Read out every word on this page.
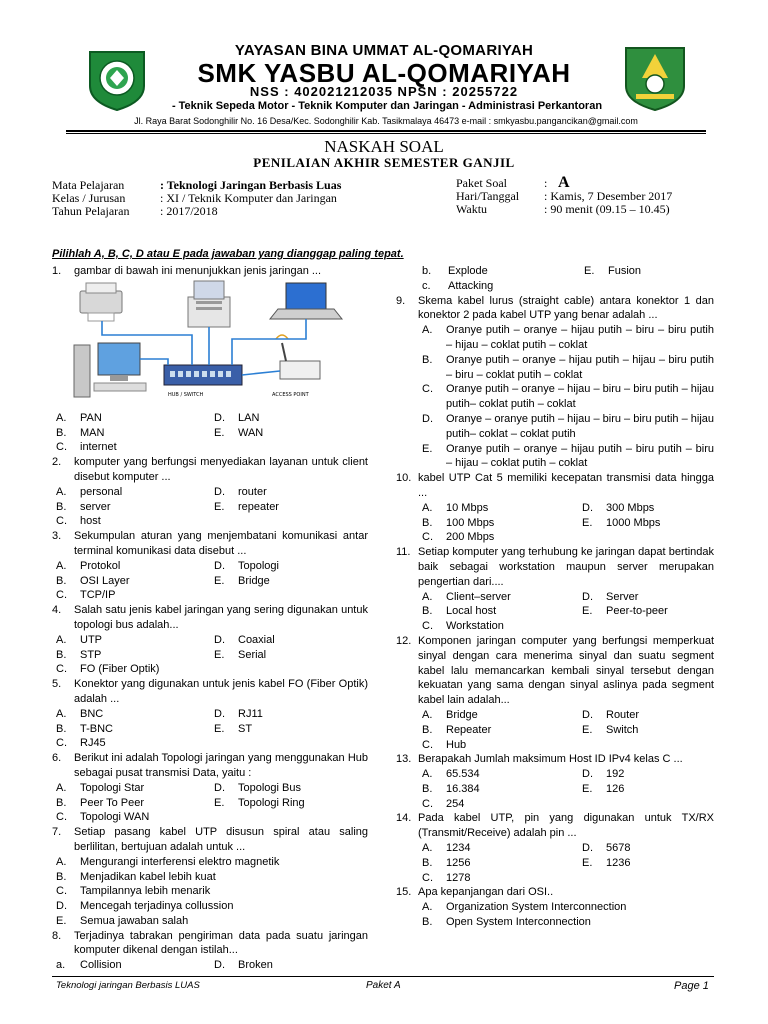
YAYASAN BINA UMMAT AL-QOMARIYAH
SMK YASBU AL-QOMARIYAH
NSS : 402021212035 NPSN : 20255722
- Teknik Sepeda Motor - Teknik Komputer dan Jaringan - Administrasi Perkantoran
Jl. Raya Barat Sodonghilir No. 16 Desa/Kec. Sodonghilir Kab. Tasikmalaya 46473 e-mail : smkyasbu.pangancikan@gmail.com
NASKAH SOAL
PENILAIAN AKHIR SEMESTER GANJIL
Mata Pelajaran	: Teknologi Jaringan Berbasis Luas
Kelas / Jurusan	: XI / Teknik Komputer dan Jaringan
Tahun Pelajaran	: 2017/2018
Paket Soal	: A
Hari/Tanggal	: Kamis, 7 Desember 2017
Waktu	: 90 menit (09.15 – 10.45)
Pilihlah A, B, C, D atau E pada jawaban yang dianggap paling tepat.
1.	gambar di bawah ini menunjukkan jenis jaringan ...
HUB / SWITCH	ACCESS POINT
A.	PAN	D.	LAN
B.	MAN	E.	WAN
C.	internet
2.	komputer yang berfungsi menyediakan layanan untuk client disebut komputer ...
A.	personal	D.	router
B.	server	E.	repeater
C.	host
3.	Sekumpulan aturan yang menjembatani komunikasi antar terminal komunikasi data disebut ...
A.	Protokol	D.	Topologi
B.	OSI Layer	E.	Bridge
C.	TCP/IP
4.	Salah satu jenis kabel jaringan yang sering digunakan untuk topologi bus adalah...
A.	UTP	D.	Coaxial
B.	STP	E.	Serial
C.	FO (Fiber Optik)
5.	Konektor yang digunakan untuk jenis kabel FO (Fiber Optik) adalah ...
A.	BNC	D.	RJ11
B.	T-BNC	E.	ST
C.	RJ45
6.	Berikut ini adalah Topologi jaringan yang menggunakan Hub sebagai pusat transmisi Data, yaitu :
A.	Topologi Star	D.	Topologi Bus
B.	Peer To Peer	E.	Topologi Ring
C.	Topologi WAN
7.	Setiap pasang kabel UTP disusun spiral atau saling berlilitan, bertujuan adalah untuk ...
A.	Mengurangi interferensi elektro magnetik
B.	Menjadikan kabel lebih kuat
C.	Tampilannya lebih menarik
D.	Mencegah terjadinya collussion
E.	Semua jawaban salah
8.	Terjadinya tabrakan pengiriman data pada suatu jaringan komputer dikenal dengan istilah...
a.	Collision	D.	Broken
b.	Explode	E.	Fusion
c.	Attacking
9.	Skema kabel lurus (straight cable) antara konektor 1 dan konektor 2 pada kabel UTP yang benar adalah ...
A.	Oranye putih – oranye – hijau putih – biru – biru putih – hijau – coklat putih – coklat
B.	Oranye putih – oranye – hijau putih – hijau – biru putih – biru – coklat putih – coklat
C.	Oranye putih – oranye – hijau – biru – biru putih – hijau putih– coklat putih – coklat
D.	Oranye – oranye putih – hijau – biru – biru putih – hijau putih– coklat – coklat putih
E.	Oranye putih – oranye – hijau putih – biru putih – biru – hijau – coklat putih – coklat
10. kabel UTP Cat 5 memiliki kecepatan transmisi data hingga ...
A.	10 Mbps	D.	300 Mbps
B.	100 Mbps	E.	1000 Mbps
C.	200 Mbps
11. Setiap komputer yang terhubung ke jaringan dapat bertindak baik sebagai workstation maupun server merupakan pengertian dari....
A.	Client–server	D.	Server
B.	Local host	E.	Peer-to-peer
C.	Workstation
12. Komponen jaringan computer yang berfungsi memperkuat sinyal dengan cara menerima sinyal dan suatu segment kabel lalu memancarkan kembali sinyal tersebut dengan kekuatan yang sama dengan sinyal aslinya pada segment kabel lain adalah...
A.	Bridge	D.	Router
B.	Repeater	E.	Switch
C.	Hub
13. Berapakah Jumlah maksimum Host ID IPv4 kelas C ...
A.	65.534	D.	192
B.	16.384	E.	126
C.	254
14. Pada kabel UTP, pin yang digunakan untuk TX/RX (Transmit/Receive) adalah pin ...
A.	1234	D.	5678
B.	1256	E.	1236
C.	1278
15. Apa kepanjangan dari OSI..
A.	Organization System Interconnection
B.	Open System Interconnection
Teknologi jaringan Berbasis LUAS	Paket A	Page 1
